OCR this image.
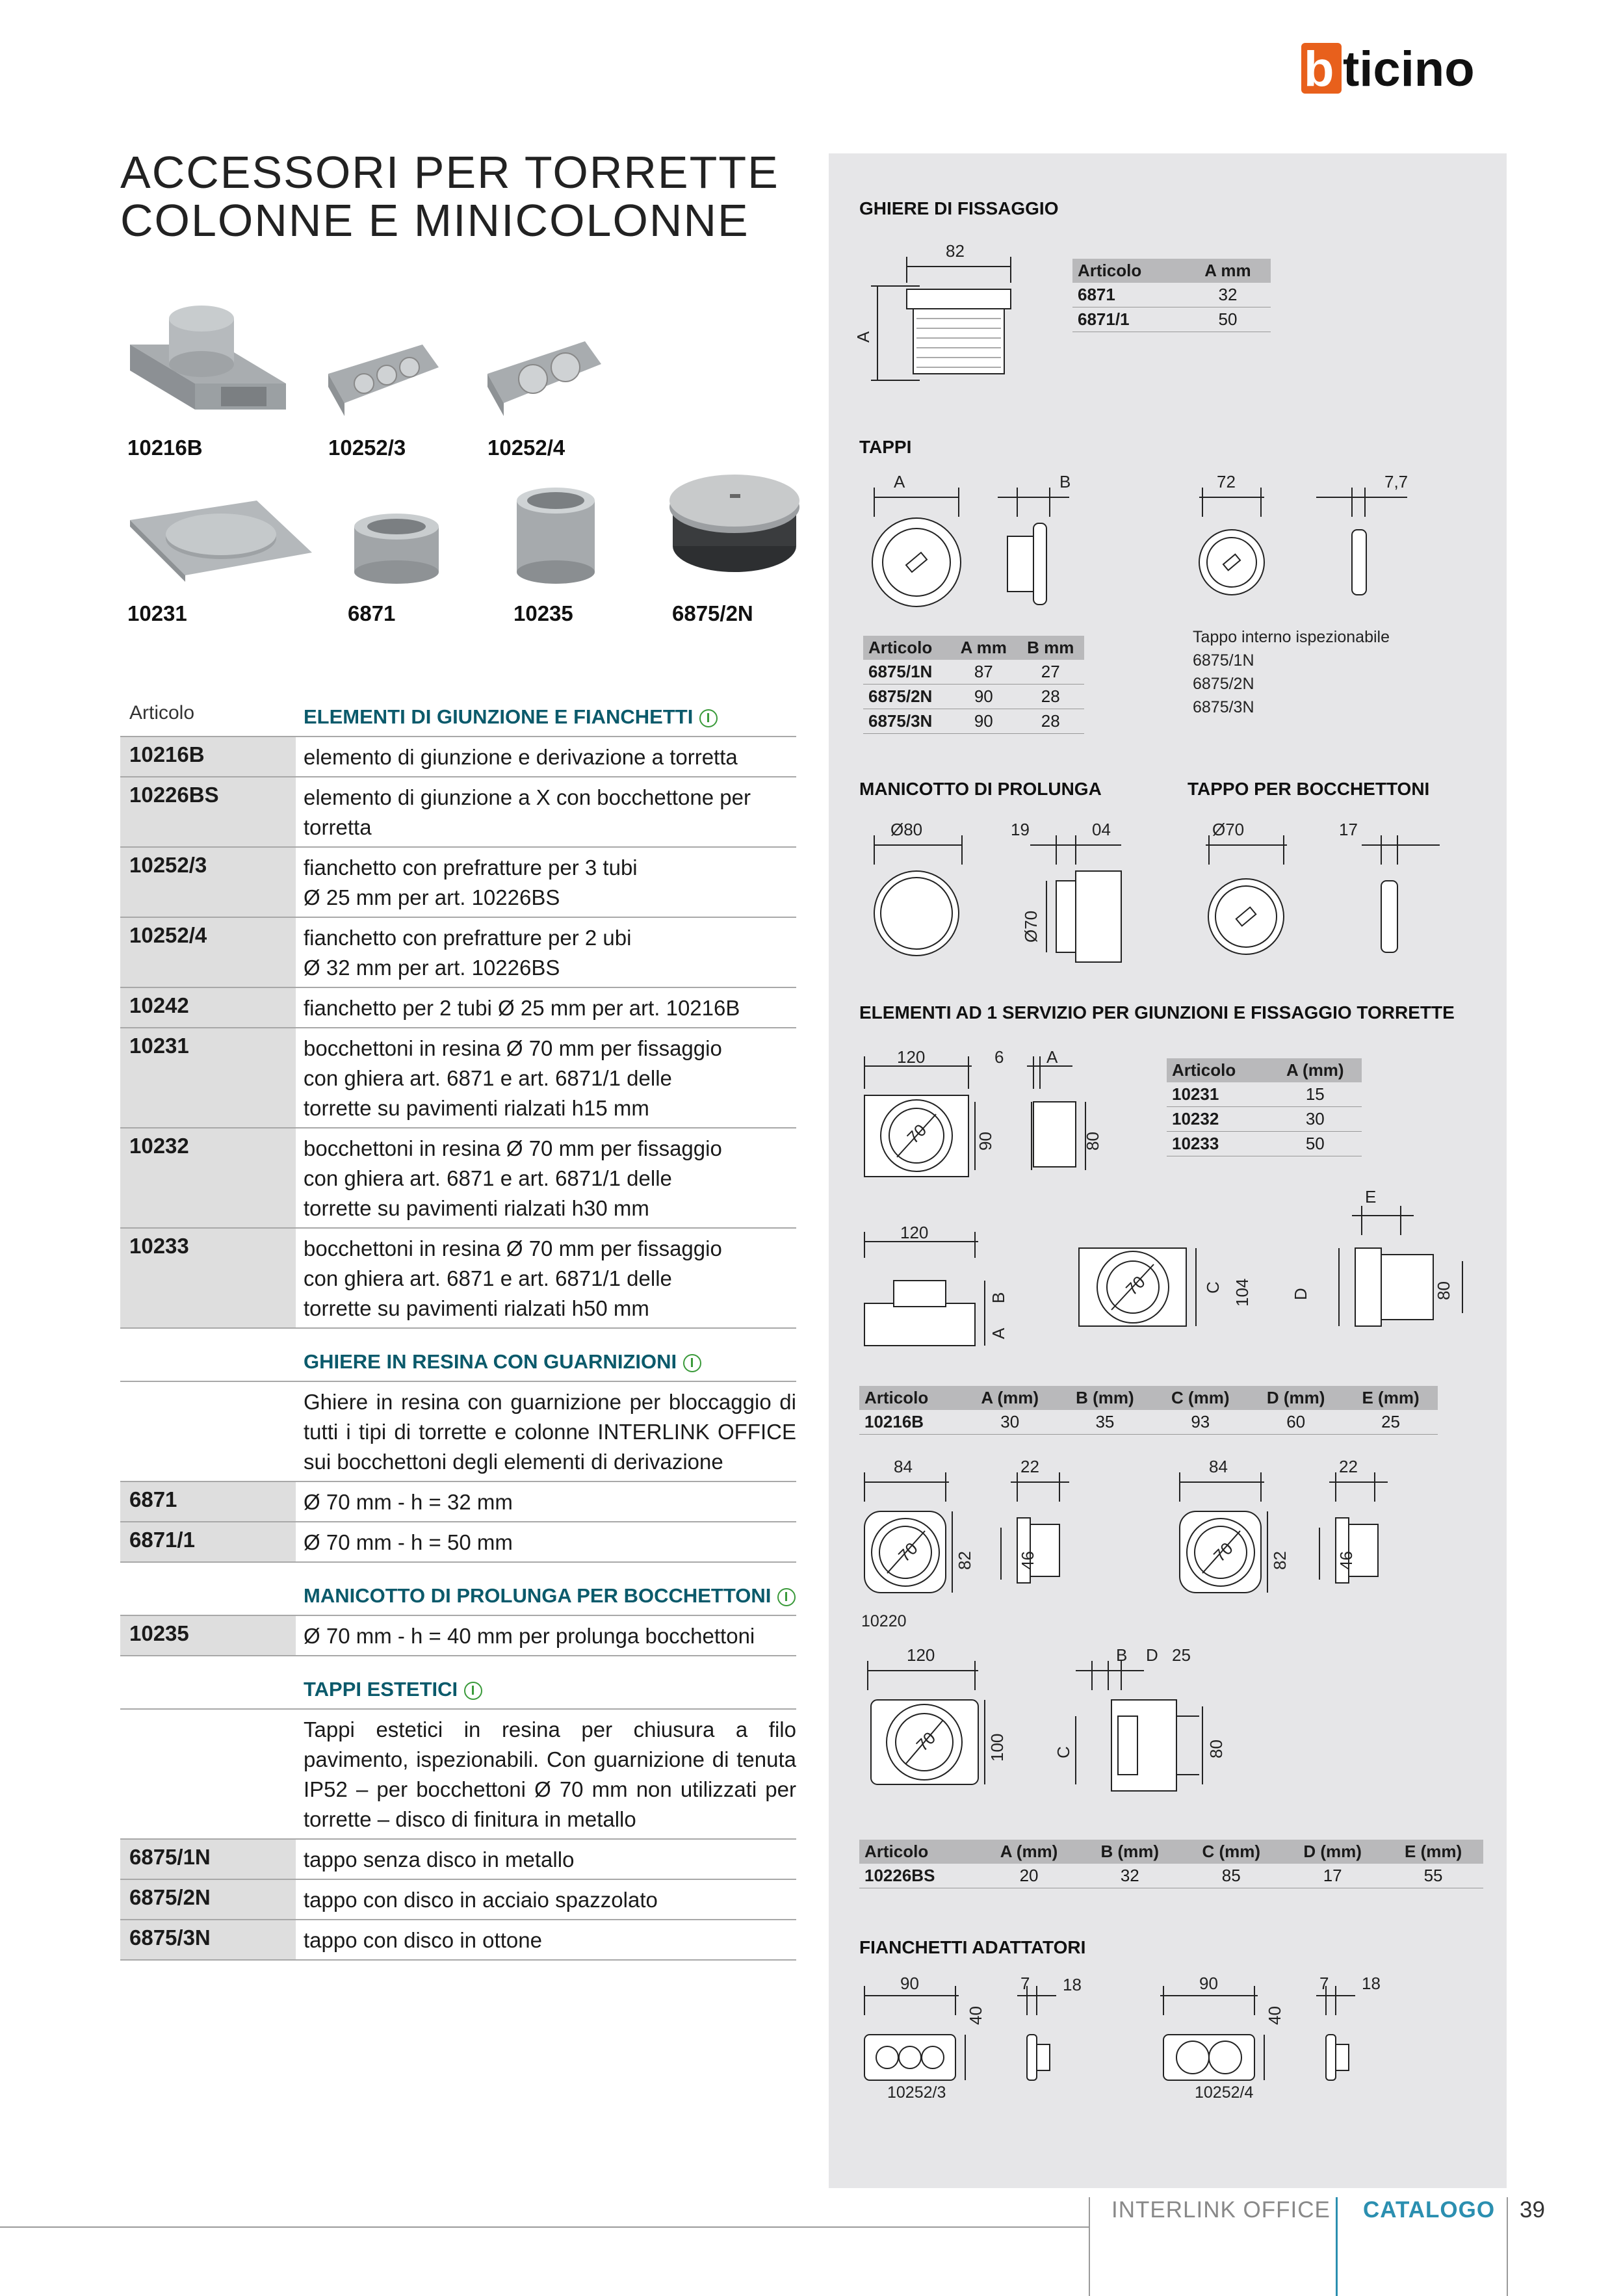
b ticino
ACCESSORI PER TORRETTE
COLONNE E MINICOLONNE
10216B	10252/3	10252/4
10231	6871	10235	6875/2N
Articolo	ELEMENTI DI GIUNZIONE E FIANCHETTI
10216B	elemento di giunzione e derivazione a torretta
10226BS	elemento di giunzione a X con bocchettone per torretta
10252/3	fianchetto con prefratture per 3 tubi
Ø 25 mm per art. 10226BS
10252/4	fianchetto con prefratture per 2 ubi
Ø 32 mm per art. 10226BS
10242	fianchetto per 2 tubi Ø 25 mm per art. 10216B
10231	bocchettoni in resina Ø 70 mm per fissaggio
con ghiera art. 6871 e art. 6871/1 delle
torrette su pavimenti rialzati h15 mm
10232	bocchettoni in resina Ø 70 mm per fissaggio
con ghiera art. 6871 e art. 6871/1 delle
torrette su pavimenti rialzati h30 mm
10233	bocchettoni in resina Ø 70 mm per fissaggio
con ghiera art. 6871 e art. 6871/1 delle
torrette su pavimenti rialzati h50 mm
GHIERE IN RESINA CON GUARNIZIONI
Ghiere in resina con guarnizione per bloccaggio di tutti i tipi di torrette e colonne INTERLINK OFFICE sui bocchettoni degli elementi di derivazione
6871	Ø 70 mm - h = 32 mm
6871/1	Ø 70 mm - h = 50 mm
MANICOTTO DI PROLUNGA PER BOCCHETTONI
10235	Ø 70 mm - h = 40 mm per prolunga bocchettoni
TAPPI ESTETICI
Tappi estetici in resina per chiusura a filo pavimento, ispezionabili. Con guarnizione di tenuta IP52 – per bocchettoni Ø 70 mm non utilizzati per torrette – disco di finitura in metallo
6875/1N	tappo senza disco in metallo
6875/2N	tappo con disco in acciaio spazzolato
6875/3N	tappo con disco in ottone
GHIERE DI FISSAGGIO
82
A
Articolo	A mm
6871	32
6871/1	50
TAPPI
A	B	72	7,7
Articolo	A mm	B mm
6875/1N	87	27
6875/2N	90	28
6875/3N	90	28
Tappo interno ispezionabile
6875/1N
6875/2N
6875/3N
MANICOTTO DI PROLUNGA	TAPPO PER BOCCHETTONI
Ø80	19	04
Ø70
Ø70	17
ELEMENTI AD 1 SERVIZIO PER GIUNZIONI E FISSAGGIO TORRETTE
120	6	A
70	90	80
Articolo	A (mm)
10231	15
10232	30
10233	50
120
B
A
70	C 104
E
D	80
Articolo	A (mm)	B (mm)	C (mm)	D (mm)	E (mm)
10216B	30	35	93	60	25
84	22
70 82	46
84	22
70 82	46
10220
120
70	100
B D 25
C	80
Articolo	A (mm)	B (mm)	C (mm)	D (mm)	E (mm)
10226BS	20	32	85	17	55
FIANCHETTI ADATTATORI
90
40
7 18	90
40
7 18
10252/3	10252/4
INTERLINK OFFICE CATALOGO 39
